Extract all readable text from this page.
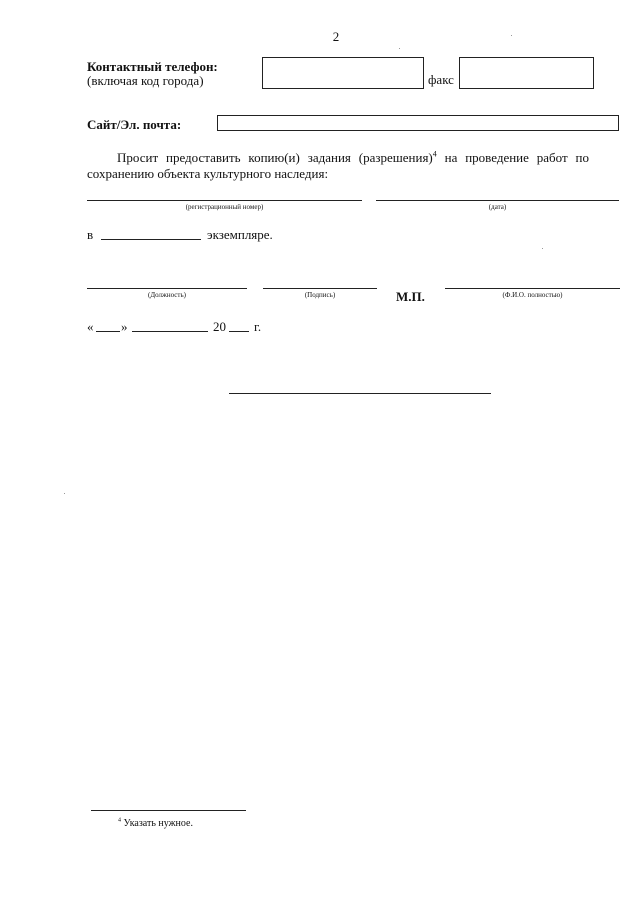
2
Контактный телефон:
(включая код города)	факс
Сайт/Эл. почта:
Просит предоставить копию(и) задания (разрешения)$^4$ на проведение работ по сохранению объекта культурного наследия:
(регистрационный номер)	(дата)
в	экземпляре.
(Должность)	(Подпись)	М.П.	(Ф.И.О. полностью)
« »	20 г.
$^4$ Указать нужное.
